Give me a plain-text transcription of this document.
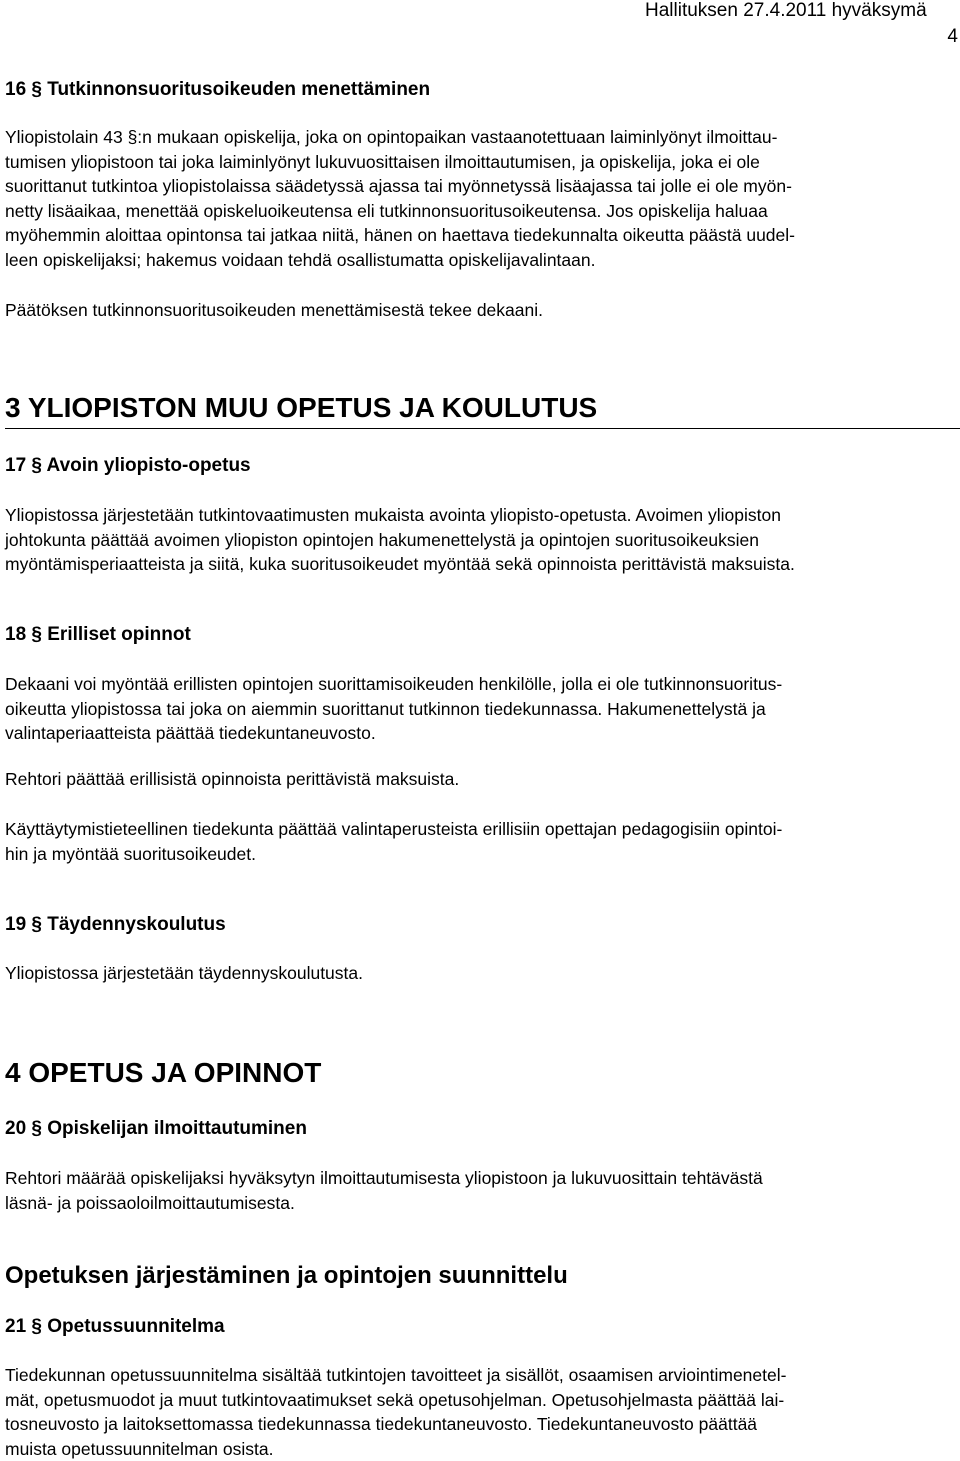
Hallituksen 27.4.2011 hyväksymä
4
16 § Tutkinnonsuoritusoikeuden menettäminen
Yliopistolain 43 §:n mukaan opiskelija, joka on opintopaikan vastaanotettuaan laiminlyönyt ilmoittau-
tumisen yliopistoon tai joka laiminlyönyt lukuvuosittaisen ilmoittautumisen, ja opiskelija, joka ei ole
suorittanut tutkintoa yliopistolaissa säädetyssä ajassa tai myönnetyssä lisäajassa tai jolle ei ole myön-
netty lisäaikaa, menettää opiskeluoikeutensa eli tutkinnonsuoritusoikeutensa. Jos opiskelija haluaa
myöhemmin aloittaa opintonsa tai jatkaa niitä, hänen on haettava tiedekunnalta oikeutta päästä uudel-
leen opiskelijaksi; hakemus voidaan tehdä osallistumatta opiskelijavalintaan.
Päätöksen tutkinnonsuoritusoikeuden menettämisestä tekee dekaani.
3 YLIOPISTON MUU OPETUS JA KOULUTUS
17 § Avoin yliopisto-opetus
Yliopistossa järjestetään tutkintovaatimusten mukaista avointa yliopisto-opetusta. Avoimen yliopiston
johtokunta päättää avoimen yliopiston opintojen hakumenettelystä ja opintojen suoritusoikeuksien
myöntämisperiaatteista ja siitä, kuka suoritusoikeudet myöntää sekä opinnoista perittävistä maksuista.
18 § Erilliset opinnot
Dekaani voi myöntää erillisten opintojen suorittamisoikeuden henkilölle, jolla ei ole tutkinnonsuoritus-
oikeutta yliopistossa tai joka on aiemmin suorittanut tutkinnon tiedekunnassa. Hakumenettelystä ja
valintaperiaatteista päättää tiedekuntaneuvosto.
Rehtori päättää erillisistä opinnoista perittävistä maksuista.
Käyttäytymistieteellinen tiedekunta päättää valintaperusteista erillisiin opettajan pedagogisiin opintoi-
hin ja myöntää suoritusoikeudet.
19 § Täydennyskoulutus
Yliopistossa järjestetään täydennyskoulutusta.
4 OPETUS JA OPINNOT
20 § Opiskelijan ilmoittautuminen
Rehtori määrää opiskelijaksi hyväksytyn ilmoittautumisesta yliopistoon ja lukuvuosittain tehtävästä
läsnä- ja poissaoloilmoittautumisesta.
Opetuksen järjestäminen ja opintojen suunnittelu
21 § Opetussuunnitelma
Tiedekunnan opetussuunnitelma sisältää tutkintojen tavoitteet ja sisällöt, osaamisen arviointimenetel-
mät, opetusmuodot ja muut tutkintovaatimukset sekä opetusohjelman. Opetusohjelmasta päättää lai-
tosneuvosto ja laitoksettomassa tiedekunnassa tiedekuntaneuvosto. Tiedekuntaneuvosto päättää
muista opetussuunnitelman osista.
